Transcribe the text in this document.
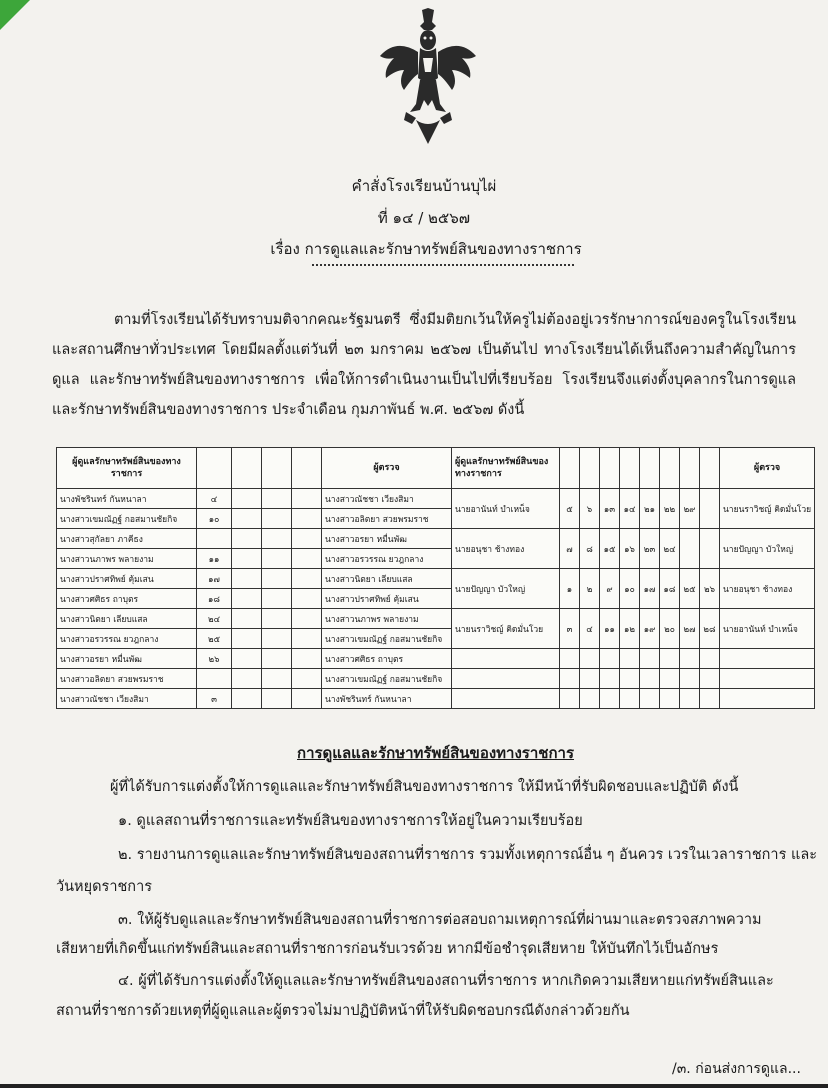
คำสั่งโรงเรียนบ้านบุไผ่
ที่ ๑๔ / ๒๕๖๗
เรื่อง การดูแลและรักษาทรัพย์สินของทางราชการ
ตามที่โรงเรียนได้รับทราบมติจากคณะรัฐมนตรี ซึ่งมีมติยกเว้นให้ครูไม่ต้องอยู่เวรรักษาการณ์ของครูในโรงเรียนและสถานศึกษาทั่วประเทศ โดยมีผลตั้งแต่วันที่ ๒๓ มกราคม ๒๕๖๗ เป็นต้นไป ทางโรงเรียนได้เห็นถึงความสำคัญในการดูแล และรักษาทรัพย์สินของทางราชการ เพื่อให้การดำเนินงานเป็นไปที่เรียบร้อย โรงเรียนจึงแต่งตั้งบุคลากรในการดูแลและรักษาทรัพย์สินของทางราชการ ประจำเดือน กุมภาพันธ์ พ.ศ. ๒๕๖๗ ดังนี้
ผู้ดูแลรักษาทรัพย์สินของทางราชการ					ผู้ตรวจ	ผู้ดูแลรักษาทรัพย์สินของทางราชการ									ผู้ตรวจ
นางพัชรินทร์ กันหนาลา	๔				นางสาวณัชชา เวียงสิมา	นายอานันท์ บำเหน็จ	๕	๖	๑๓	๑๔	๒๑	๒๒	๒๙		นายนราวิชญ์ คิดมั่นโวย
นางสาวเขมณัฏฐ์ กอสมานชัยกิจ	๑๐				นางสาวอลิตยา สวยพรมราช										
นางสาวสุกัลยา ภาคีธง					นางสาวอรยา หมื่นพัฒ	นายอนุชา ช้างทอง	๗	๘	๑๕	๑๖	๒๓	๒๔			นายปัญญา บัวใหญ่
นางสาวนภาพร พลายงาม	๑๑				นางสาวอรวรรณ ยวฎกลาง										
นางสาวปราศทิพย์ คุ้มเสน	๑๗				นางสาวนิตยา เลียบแสล	นายปัญญา บัวใหญ่	๑	๒	๙	๑๐	๑๗	๑๘	๒๕	๒๖	นายอนุชา ช้างทอง
นางสาวศศิธร ถาบุตร	๑๘				นางสาวปราศทิพย์ คุ้มเสน										
นางสาวนิตยา เลียบแสล	๒๔				นางสาวนภาพร พลายงาม	นายนราวิชญ์ คิดมั่นโวย	๓	๔	๑๑	๑๒	๑๙	๒๐	๒๗	๒๘	นายอานันท์ บำเหน็จ
นางสาวอรวรรณ ยวฎกลาง	๒๕				นางสาวเขมณัฏฐ์ กอสมานชัยกิจ										
นางสาวอรยา หมื่นพัฒ	๒๖				นางสาวศศิธร ถาบุตร										
นางสาวอลิตยา สวยพรมราช					นางสาวเขมณัฏฐ์ กอสมานชัยกิจ										
นางสาวณัชชา เวียงสิมา	๓				นางพัชรินทร์ กันหนาลา										
การดูแลและรักษาทรัพย์สินของทางราชการ
ผู้ที่ได้รับการแต่งตั้งให้การดูแลและรักษาทรัพย์สินของทางราชการ ให้มีหน้าที่รับผิดชอบและปฏิบัติ ดังนี้
๑. ดูแลสถานที่ราชการและทรัพย์สินของทางราชการให้อยู่ในความเรียบร้อย
๒. รายงานการดูแลและรักษาทรัพย์สินของสถานที่ราชการ รวมทั้งเหตุการณ์อื่น ๆ อันควร เวรในเวลาราชการ และ
วันหยุดราชการ
๓. ให้ผู้รับดูแลและรักษาทรัพย์สินของสถานที่ราชการต่อสอบถามเหตุการณ์ที่ผ่านมาและตรวจสภาพความ
เสียหายที่เกิดขึ้นแก่ทรัพย์สินและสถานที่ราชการก่อนรับเวรด้วย หากมีข้อชำรุดเสียหาย ให้บันทึกไว้เป็นอักษร
๔. ผู้ที่ได้รับการแต่งตั้งให้ดูแลและรักษาทรัพย์สินของสถานที่ราชการ หากเกิดความเสียหายแก่ทรัพย์สินและ
สถานที่ราชการด้วยเหตุที่ผู้ดูแลและผู้ตรวจไม่มาปฏิบัติหน้าที่ให้รับผิดชอบกรณีดังกล่าวด้วยกัน
/๓. ก่อนส่งการดูแล...
